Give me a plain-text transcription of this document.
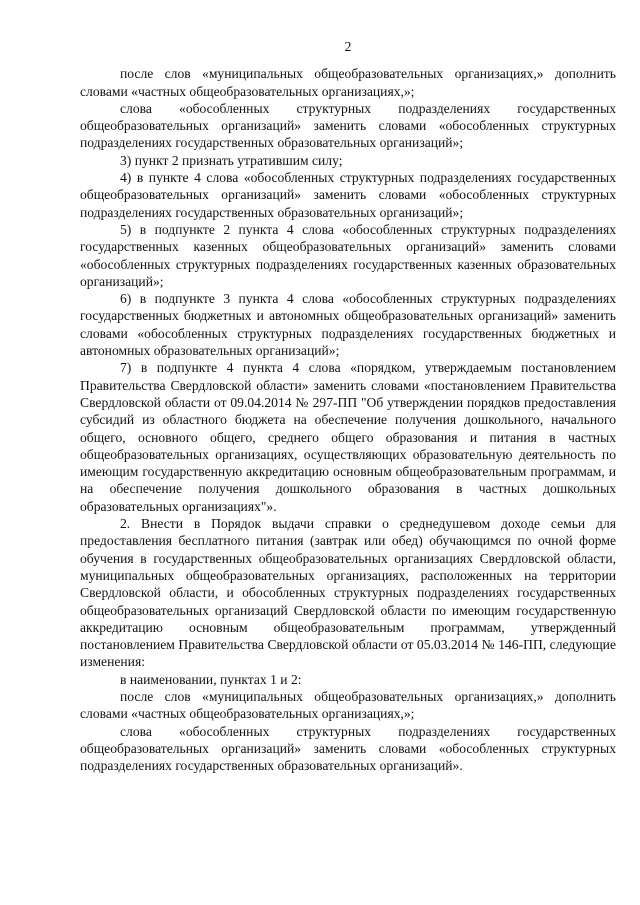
2

после слов «муниципальных общеобразовательных организациях,» дополнить словами «частных общеобразовательных организациях,»;

слова «обособленных структурных подразделениях государственных общеобразовательных организаций» заменить словами «обособленных структурных подразделениях государственных образовательных организаций»;

3) пункт 2 признать утратившим силу;

4) в пункте 4 слова «обособленных структурных подразделениях государственных общеобразовательных организаций» заменить словами «обособленных структурных подразделениях государственных образовательных организаций»;

5) в подпункте 2 пункта 4 слова «обособленных структурных подразделениях государственных казенных общеобразовательных организаций» заменить словами «обособленных структурных подразделениях государственных казенных образовательных организаций»;

6) в подпункте 3 пункта 4 слова «обособленных структурных подразделениях государственных бюджетных и автономных общеобразовательных организаций» заменить словами «обособленных структурных подразделениях государственных бюджетных и автономных образовательных организаций»;

7) в подпункте 4 пункта 4 слова «порядком, утверждаемым постановлением Правительства Свердловской области» заменить словами «постановлением Правительства Свердловской области от 09.04.2014 № 297-ПП "Об утверждении порядков предоставления субсидий из областного бюджета на обеспечение получения дошкольного, начального общего, основного общего, среднего общего образования и питания в частных общеобразовательных организациях, осуществляющих образовательную деятельность по имеющим государственную аккредитацию основным общеобразовательным программам, и на обеспечение получения дошкольного образования в частных дошкольных образовательных организациях"».

2. Внести в Порядок выдачи справки о среднедушевом доходе семьи для предоставления бесплатного питания (завтрак или обед) обучающимся по очной форме обучения в государственных общеобразовательных организациях Свердловской области, муниципальных общеобразовательных организациях, расположенных на территории Свердловской области, и обособленных структурных подразделениях государственных общеобразовательных организаций Свердловской области по имеющим государственную аккредитацию основным общеобразовательным программам, утвержденный постановлением Правительства Свердловской области от 05.03.2014 № 146-ПП, следующие изменения:

в наименовании, пунктах 1 и 2:

после слов «муниципальных общеобразовательных организациях,» дополнить словами «частных общеобразовательных организациях,»;

слова «обособленных структурных подразделениях государственных общеобразовательных организаций» заменить словами «обособленных структурных подразделениях государственных образовательных организаций».
